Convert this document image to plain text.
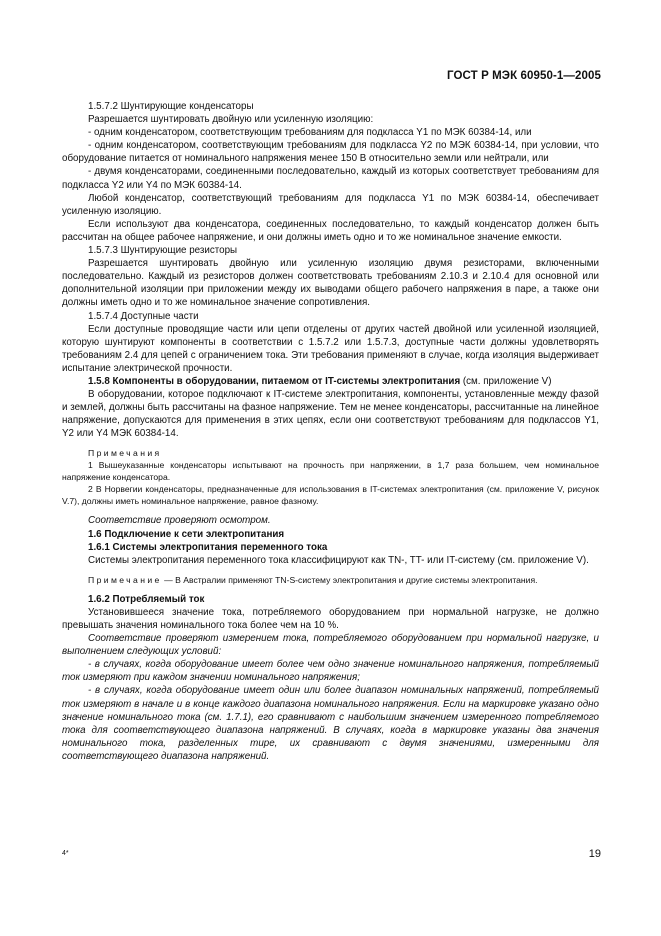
ГОСТ Р МЭК 60950-1—2005

1.5.7.2 Шунтирующие конденсаторы

Разрешается шунтировать двойную или усиленную изоляцию:

- одним конденсатором, соответствующим требованиям для подкласса Y1 по МЭК 60384-14, или

- одним конденсатором, соответствующим требованиям для подкласса Y2 по МЭК 60384-14, при условии, что оборудование питается от номинального напряжения менее 150 В относительно земли или нейтрали, или

- двумя конденсаторами, соединенными последовательно, каждый из которых соответствует требованиям для подкласса Y2 или Y4 по МЭК 60384-14.

Любой конденсатор, соответствующий требованиям для подкласса Y1 по МЭК 60384-14, обеспечивает усиленную изоляцию.

Если используют два конденсатора, соединенных последовательно, то каждый конденсатор должен быть рассчитан на общее рабочее напряжение, и они должны иметь одно и то же номинальное значение емкости.

1.5.7.3 Шунтирующие резисторы

Разрешается шунтировать двойную или усиленную изоляцию двумя резисторами, включенными последовательно. Каждый из резисторов должен соответствовать требованиям 2.10.3 и 2.10.4 для основной или дополнительной изоляции при приложении между их выводами общего рабочего напряжения в паре, а также они должны иметь одно и то же номинальное значение сопротивления.

1.5.7.4 Доступные части

Если доступные проводящие части или цепи отделены от других частей двойной или усиленной изоляцией, которую шунтируют компоненты в соответствии с 1.5.7.2 или 1.5.7.3, доступные части должны удовлетворять требованиям 2.4 для цепей с ограничением тока. Эти требования применяют в случае, когда изоляция выдерживает испытание электрической прочности.

1.5.8 Компоненты в оборудовании, питаемом от IT-системы электропитания (см. приложение V)

В оборудовании, которое подключают к IT-системе электропитания, компоненты, установленные между фазой и землей, должны быть рассчитаны на фазное напряжение. Тем не менее конденсаторы, рассчитанные на линейное напряжение, допускаются для применения в этих цепях, если они соответствуют требованиям для подклассов Y1, Y2 или Y4 МЭК 60384-14.

Примечания

1 Вышеуказанные конденсаторы испытывают на прочность при напряжении, в 1,7 раза большем, чем номинальное напряжение конденсатора.

2 В Норвегии конденсаторы, предназначенные для использования в IT-системах электропитания (см. приложение V, рисунок V.7), должны иметь номинальное напряжение, равное фазному.

Соответствие проверяют осмотром.

1.6 Подключение к сети электропитания

1.6.1 Системы электропитания переменного тока

Системы электропитания переменного тока классифицируют как TN-, TT- или IT-систему (см. приложение V).

Примечание — В Австралии применяют TN-S-систему электропитания и другие системы электропитания.

1.6.2 Потребляемый ток

Установившееся значение тока, потребляемого оборудованием при нормальной нагрузке, не должно превышать значения номинального тока более чем на 10 %.

Соответствие проверяют измерением тока, потребляемого оборудованием при нормальной нагрузке, и выполнением следующих условий:

- в случаях, когда оборудование имеет более чем одно значение номинального напряжения, потребляемый ток измеряют при каждом значении номинального напряжения;

- в случаях, когда оборудование имеет один или более диапазон номинальных напряжений, потребляемый ток измеряют в начале и в конце каждого диапазона номинального напряжения. Если на маркировке указано одно значение номинального тока (см. 1.7.1), его сравнивают с наибольшим значением измеренного потребляемого тока для соответствующего диапазона напряжений. В случаях, когда в маркировке указаны два значения номинального тока, разделенных тире, их сравнивают с двумя значениями, измеренными для соответствующего диапазона напряжений.

4*	19
